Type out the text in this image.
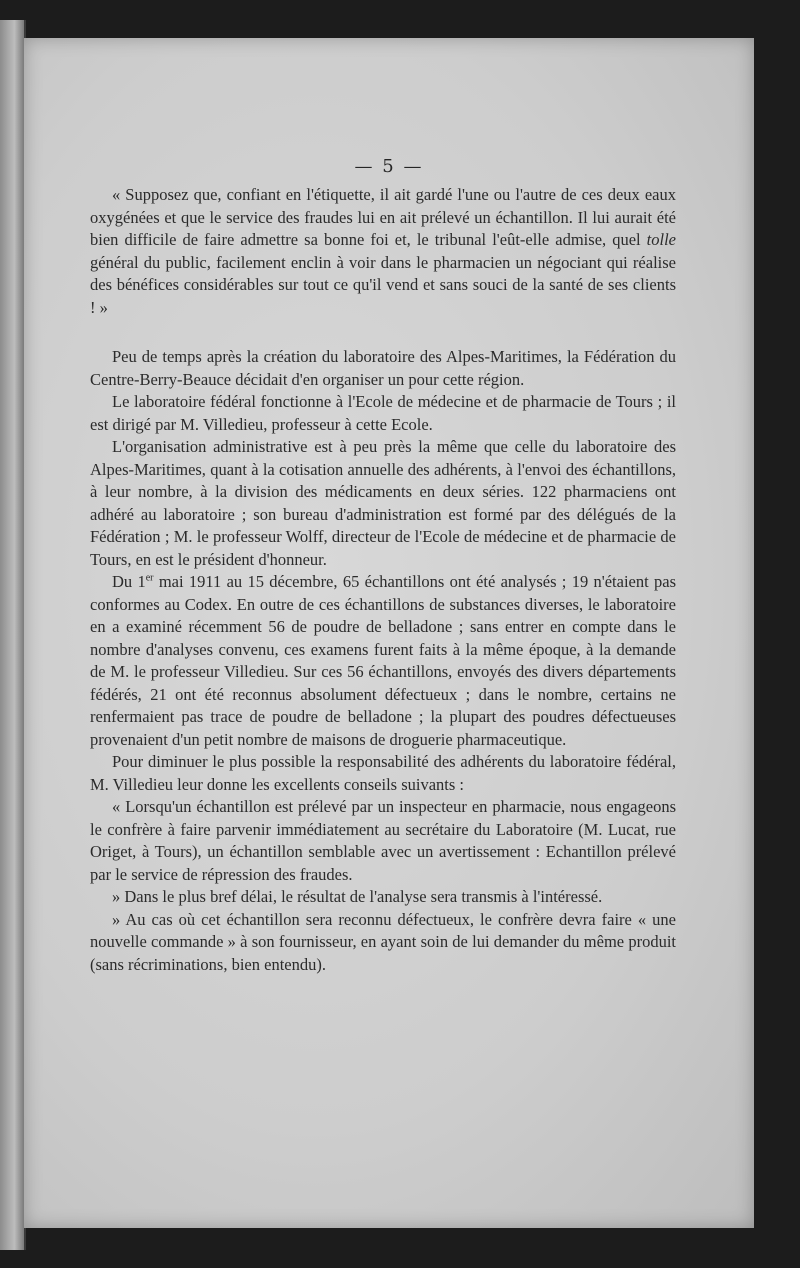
— 5 —

« Supposez que, confiant en l'étiquette, il ait gardé l'une ou l'autre de ces deux eaux oxygénées et que le service des fraudes lui en ait prélevé un échantillon. Il lui aurait été bien difficile de faire admettre sa bonne foi et, le tribunal l'eût-elle admise, quel tolle général du public, facilement enclin à voir dans le pharmacien un négociant qui réalise des bénéfices considérables sur tout ce qu'il vend et sans souci de la santé de ses clients ! »

Peu de temps après la création du laboratoire des Alpes-Maritimes, la Fédération du Centre-Berry-Beauce décidait d'en organiser un pour cette région.

Le laboratoire fédéral fonctionne à l'Ecole de médecine et de pharmacie de Tours ; il est dirigé par M. Villedieu, professeur à cette Ecole.

L'organisation administrative est à peu près la même que celle du laboratoire des Alpes-Maritimes, quant à la cotisation annuelle des adhérents, à l'envoi des échantillons, à leur nombre, à la division des médicaments en deux séries. 122 pharmaciens ont adhéré au laboratoire ; son bureau d'administration est formé par des délégués de la Fédération ; M. le professeur Wolff, directeur de l'Ecole de médecine et de pharmacie de Tours, en est le président d'honneur.

Du 1er mai 1911 au 15 décembre, 65 échantillons ont été analysés ; 19 n'étaient pas conformes au Codex. En outre de ces échantillons de substances diverses, le laboratoire en a examiné récemment 56 de poudre de belladone ; sans entrer en compte dans le nombre d'analyses convenu, ces examens furent faits à la même époque, à la demande de M. le professeur Villedieu. Sur ces 56 échantillons, envoyés des divers départements fédérés, 21 ont été reconnus absolument défectueux ; dans le nombre, certains ne renfermaient pas trace de poudre de belladone ; la plupart des poudres défectueuses provenaient d'un petit nombre de maisons de droguerie pharmaceutique.

Pour diminuer le plus possible la responsabilité des adhérents du laboratoire fédéral, M. Villedieu leur donne les excellents conseils suivants :

« Lorsqu'un échantillon est prélevé par un inspecteur en pharmacie, nous engageons le confrère à faire parvenir immédiatement au secrétaire du Laboratoire (M. Lucat, rue Origet, à Tours), un échantillon semblable avec un avertissement : Echantillon prélevé par le service de répression des fraudes.

» Dans le plus bref délai, le résultat de l'analyse sera transmis à l'intéressé.

» Au cas où cet échantillon sera reconnu défectueux, le confrère devra faire « une nouvelle commande » à son fournisseur, en ayant soin de lui demander du même produit (sans récriminations, bien entendu).
